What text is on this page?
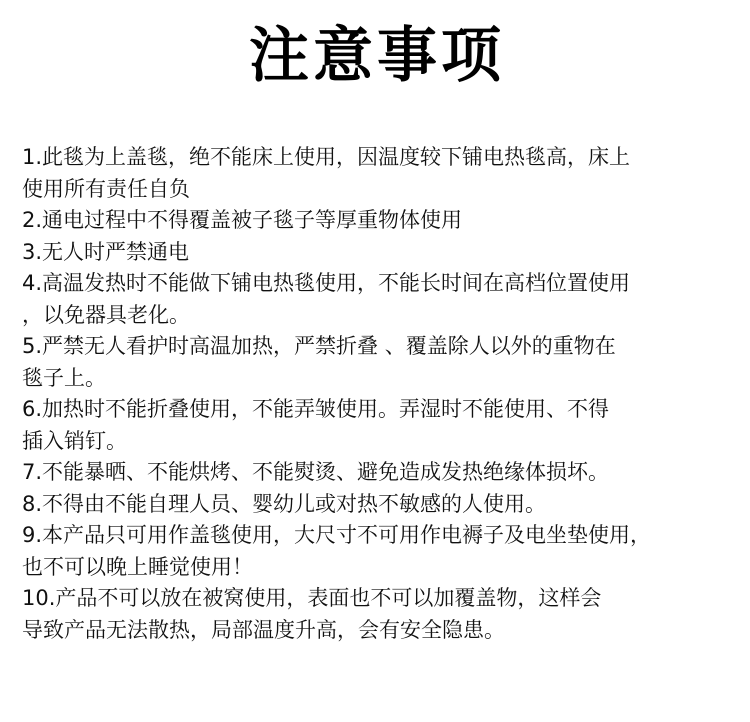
注意事项
1.此毯为上盖毯，绝不能床上使用，因温度较下铺电热毯高，床上
使用所有责任自负
2.通电过程中不得覆盖被子毯子等厚重物体使用
3.无人时严禁通电
4.高温发热时不能做下铺电热毯使用，不能长时间在高档位置使用
，以免器具老化。
5.严禁无人看护时高温加热，严禁折叠 、覆盖除人以外的重物在
毯子上。
6.加热时不能折叠使用，不能弄皱使用。弄湿时不能使用、不得
插入销钉。
7.不能暴晒、不能烘烤、不能熨烫、避免造成发热绝缘体损坏。
8.不得由不能自理人员、婴幼儿或对热不敏感的人使用。
9.本产品只可用作盖毯使用，大尺寸不可用作电褥子及电坐垫使用，
也不可以晚上睡觉使用！
10.产品不可以放在被窝使用，表面也不可以加覆盖物，这样会
导致产品无法散热，局部温度升高，会有安全隐患。
